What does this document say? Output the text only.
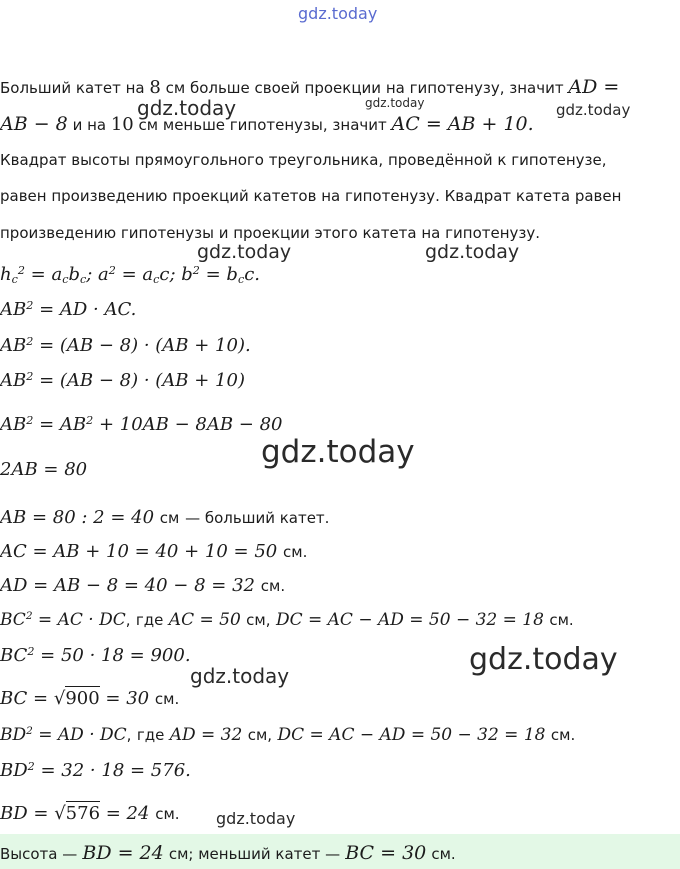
gdz.today
gdz.today	gdz.today	gdz.today
gdz.today	gdz.today
gdz.today
gdz.today
gdz.today
gdz.today
Больший катет на 8 см больше своей проекции на гипотенузу, значит AD =
AB − 8 и на 10 см меньше гипотенузы, значит AC = AB + 10.
Квадрат высоты прямоугольного треугольника, проведённой к гипотенузе,
равен произведению проекций катетов на гипотенузу. Квадрат катета равен
произведению гипотенузы и проекции этого катета на гипотенузу.
$h_c^2 = a_cb_c$; $a^2 = a_cc$; $b^2 = b_cc$.
$AB^2$ = AD · AC.
$AB^2 = (AB - 8) \cdot (AB + 10)$.
$AB^2 = (AB - 8) \cdot (AB + 10)$
$AB^2 = AB^2 + 10AB - 8AB - 80$
2AB = 80
AB = 80 : 2 = 40 см — больший катет.
AC = AB + 10 = 40 + 10 = 50 см.
AD = AB − 8 = 40 − 8 = 32 см.
$BC^2$ = AC · DC, где AC = 50 см, DC = AC − AD = 50 − 32 = 18 см.
$BC^2 = 50 \cdot 18 = 900$.
BC = √900 = 30 см.
$BD^2$ = AD · DC, где AD = 32 см, DC = AC − AD = 50 − 32 = 18 см.
$BD^2 = 32 \cdot 18 = 576$.
BD = √576 = 24 см.
Высота — BD = 24 см; меньший катет — BC = 30 см.
